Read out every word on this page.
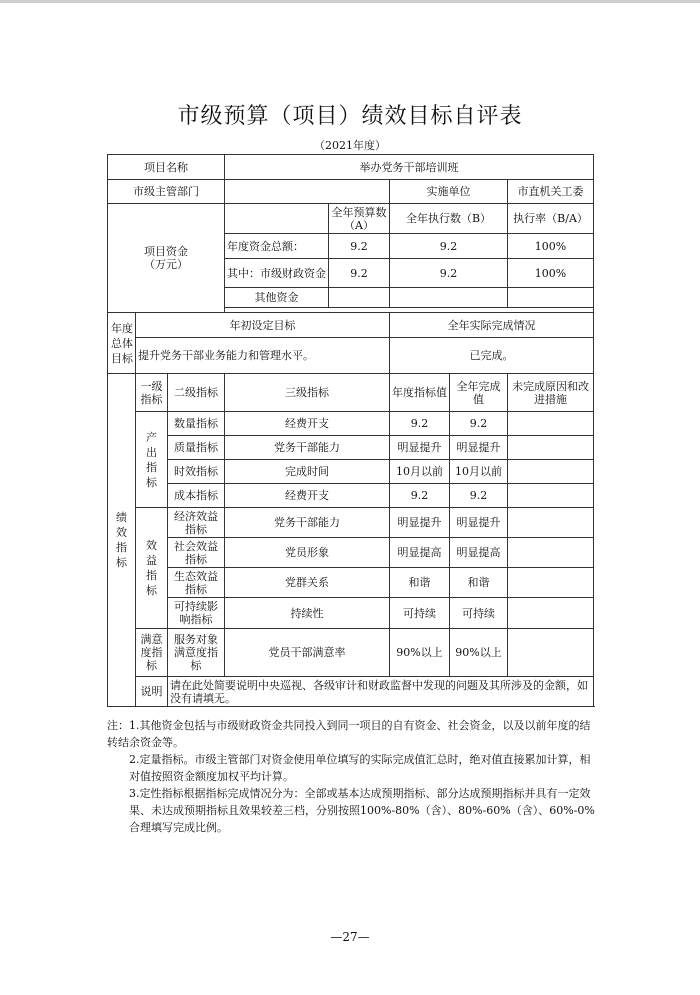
市级预算（项目）绩效目标自评表
（2021年度）
项目名称			举办党务干部培训班				
市级主管部门					实施单位		市直机关工委
项目资金（万元）				全年预算数（A）	全年执行数（B）		执行率（B/A）
			年度资金总额：	9.2	9.2		100%
			其中：市级财政资金	9.2	9.2		100%
			其他资金				

年度总体目标	年初设定目标				全年实际完成情况		
	提升党务干部业务能力和管理水平。				已完成。		
绩效指标	一级指标	二级指标	三级指标		年度指标值	全年完成值	未完成原因和改进措施
	产出指标	数量指标	经费开支		9.2	9.2	
		质量指标	党务干部能力		明显提升	明显提升	
		时效指标	完成时间		10月以前	10月以前	
		成本指标	经费开支		9.2	9.2	
	效益指标	经济效益指标	党务干部能力		明显提升	明显提升	
		社会效益指标	党员形象		明显提高	明显提高	
		生态效益指标	党群关系		和谐	和谐	
		可持续影响指标	持续性		可持续	可持续	
	满意度指标	服务对象满意度指标	党员干部满意率		90%以上	90%以上	
	说明	请在此处简要说明中央巡视、各级审计和财政监督中发现的问题及其所涉及的金额，如没有请填无。					

注：1.其他资金包括与市级财政资金共同投入到同一项目的自有资金、社会资金，以及以前年度的结转结余资金等。

2.定量指标。市级主管部门对资金使用单位填写的实际完成值汇总时，绝对值直接累加计算，相对值按照资金额度加权平均计算。

3.定性指标根据指标完成情况分为：全部或基本达成预期指标、部分达成预期指标并具有一定效果、未达成预期指标且效果较差三档，分别按照100%-80%（含）、80%-60%（含）、60%-0%合理填写完成比例。

—27—
